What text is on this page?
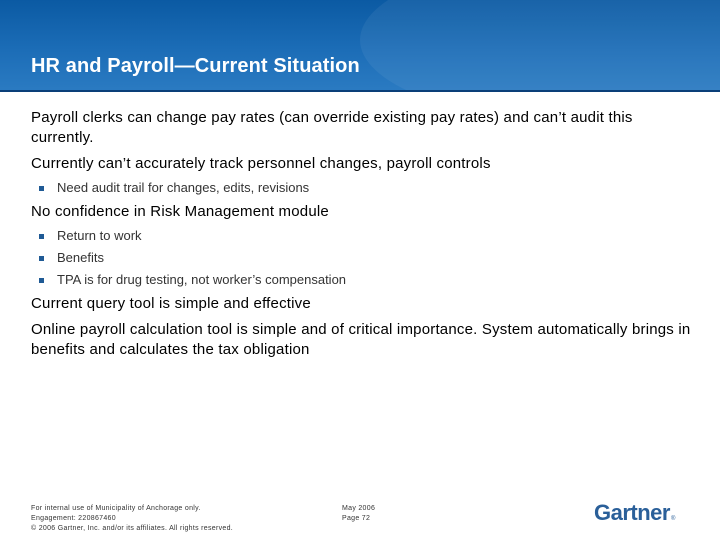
HR and Payroll—Current Situation

Payroll clerks can change pay rates (can override existing pay rates) and can’t audit this currently.

Currently can’t accurately track personnel changes, payroll controls

Need audit trail for changes, edits, revisions

No confidence in Risk Management module

Return to work
Benefits
TPA is for drug testing, not worker’s compensation

Current query tool is simple and effective

Online payroll calculation tool is simple and of critical importance. System automatically brings in benefits and calculates the tax obligation

For internal use of Municipality of Anchorage only.
Engagement: 220867460
© 2006 Gartner, Inc. and/or its affiliates. All rights reserved.
May 2006
Page 72	Gartner®
